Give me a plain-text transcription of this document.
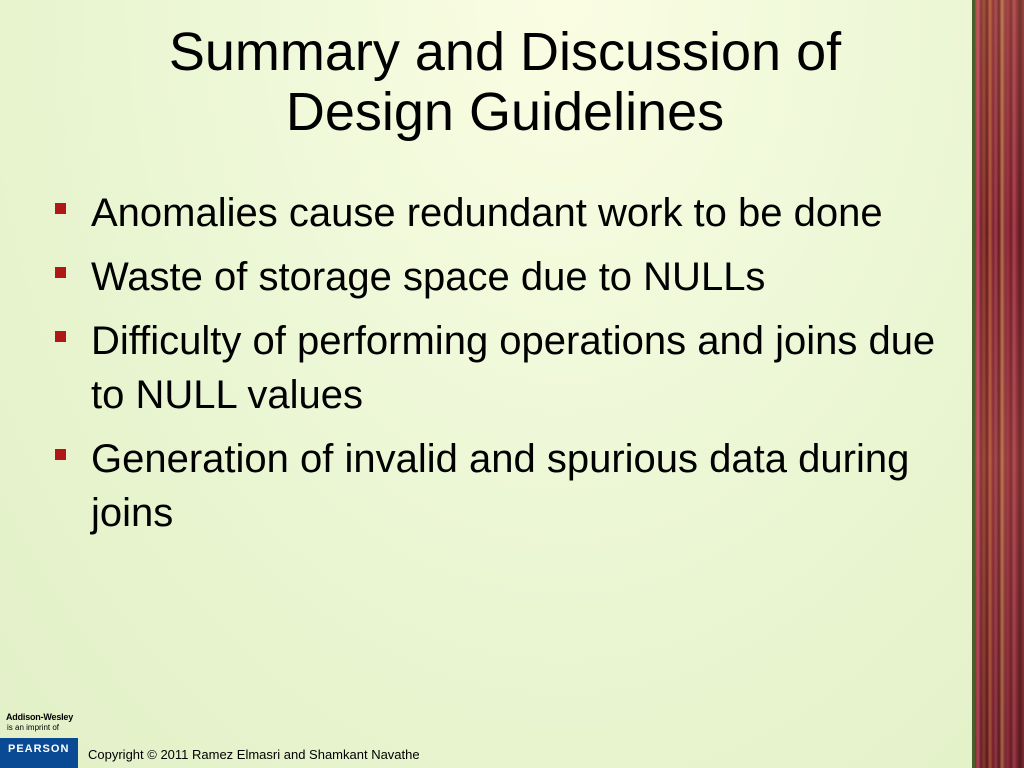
Summary and Discussion of
Design Guidelines
Anomalies cause redundant work to be done
Waste of storage space due to NULLs
Difficulty of performing operations and joins due to NULL values
Generation of invalid and spurious data during joins
Addison-Wesley
is an imprint of
PEARSON Copyright © 2011 Ramez Elmasri and Shamkant Navathe
